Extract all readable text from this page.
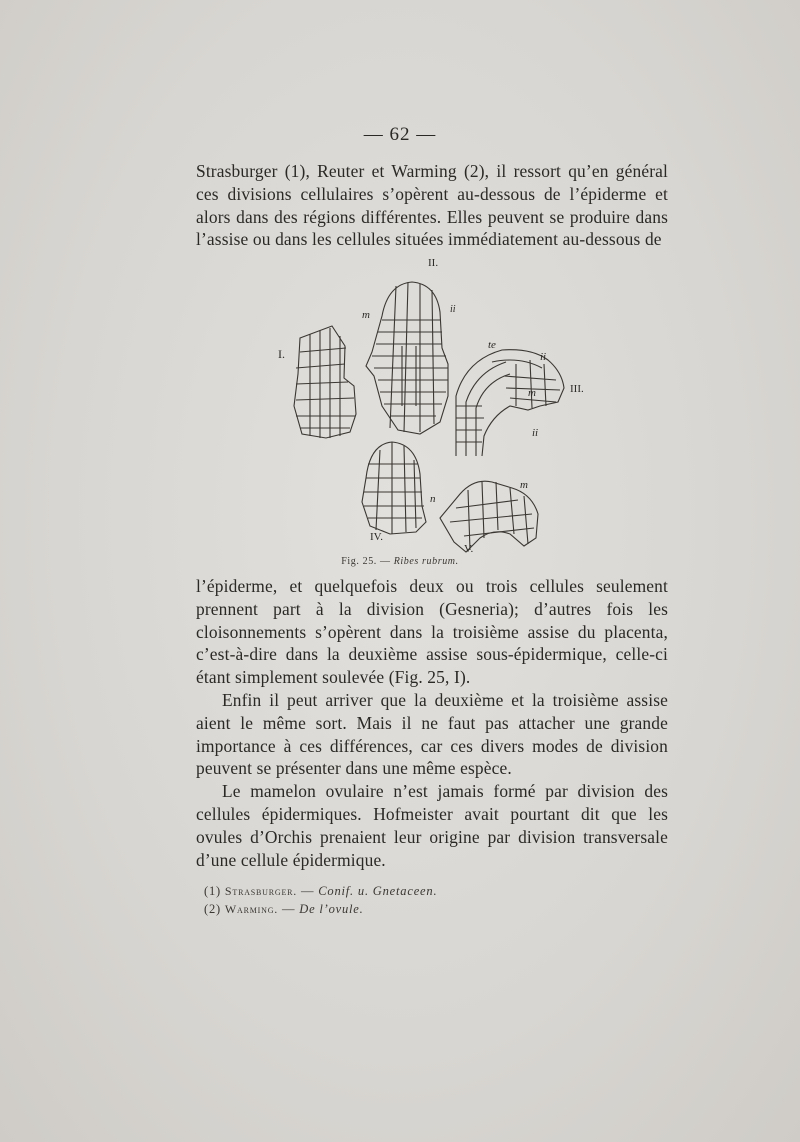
— 62 —

Strasburger (1), Reuter et Warming (2), il ressort qu’en général ces divisions cellulaires s’opèrent au-dessous de l’épiderme et alors dans des régions différentes. Elles peuvent se produire dans l’assise ou dans les cellules situées immédiatement au-dessous de

II.
I.
III.
IV.
V.
m	ii
te
ii
m
ii
n
m
Fig. 25. — Ribes rubrum.

l’épiderme, et quelquefois deux ou trois cellules seulement prennent part à la division (Gesneria); d’autres fois les cloisonnements s’opèrent dans la troisième assise du placenta, c’est-à-dire dans la deuxième assise sous-épidermique, celle-ci étant simplement soulevée (Fig. 25, I).

Enfin il peut arriver que la deuxième et la troisième assise aient le même sort. Mais il ne faut pas attacher une grande importance à ces différences, car ces divers modes de division peuvent se présenter dans une même espèce.

Le mamelon ovulaire n’est jamais formé par division des cellules épidermiques. Hofmeister avait pourtant dit que les ovules d’Orchis prenaient leur origine par division transversale d’une cellule épidermique.

(1) Strasburger. — Conif. u. Gnetaceen.
(2) Warming. — De l’ovule.
